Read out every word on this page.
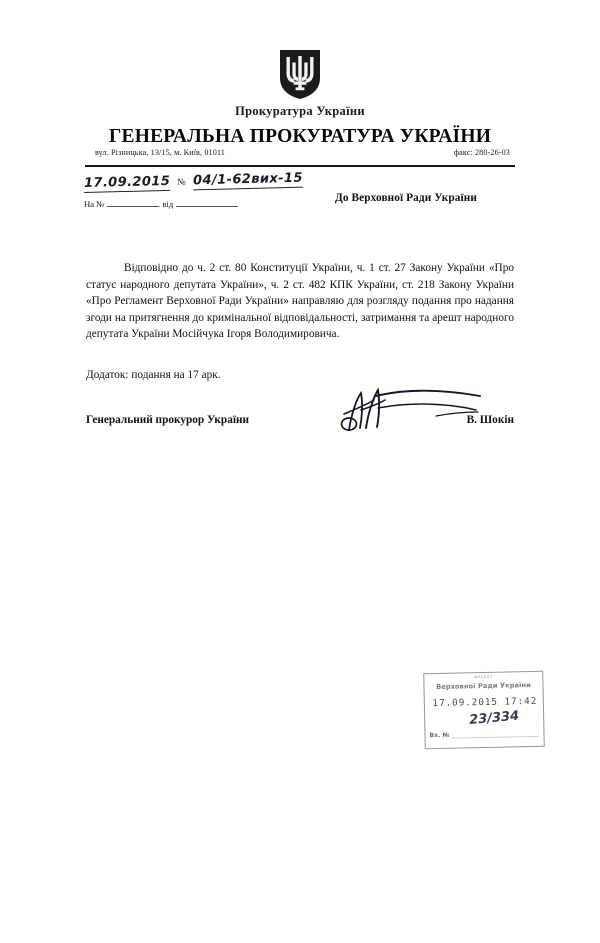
Прокуратура України
ГЕНЕРАЛЬНА ПРОКУРАТУРА УКРАЇНИ
вул. Різницька, 13/15, м. Київ, 01011	факс: 280-26-03
17.09.2015 № 04/1-62вих-15
На №	від	До Верховної Ради України
Відповідно до ч. 2 ст. 80 Конституції України, ч. 1 ст. 27 Закону України «Про статус народного депутата України», ч. 2 ст. 482 КПК України, ст. 218 Закону України «Про Регламент Верховної Ради України» направляю для розгляду подання про надання згоди на притягнення до кримінальної відповідальності, затримання та арешт народного депутата України Мосійчука Ігоря Володимировича.
Додаток: подання на 17 арк.
Генеральний прокурор України	В. Шокін
Апарат
Верховної Ради України
17.09.2015 17:42
23/334
Вх. №
